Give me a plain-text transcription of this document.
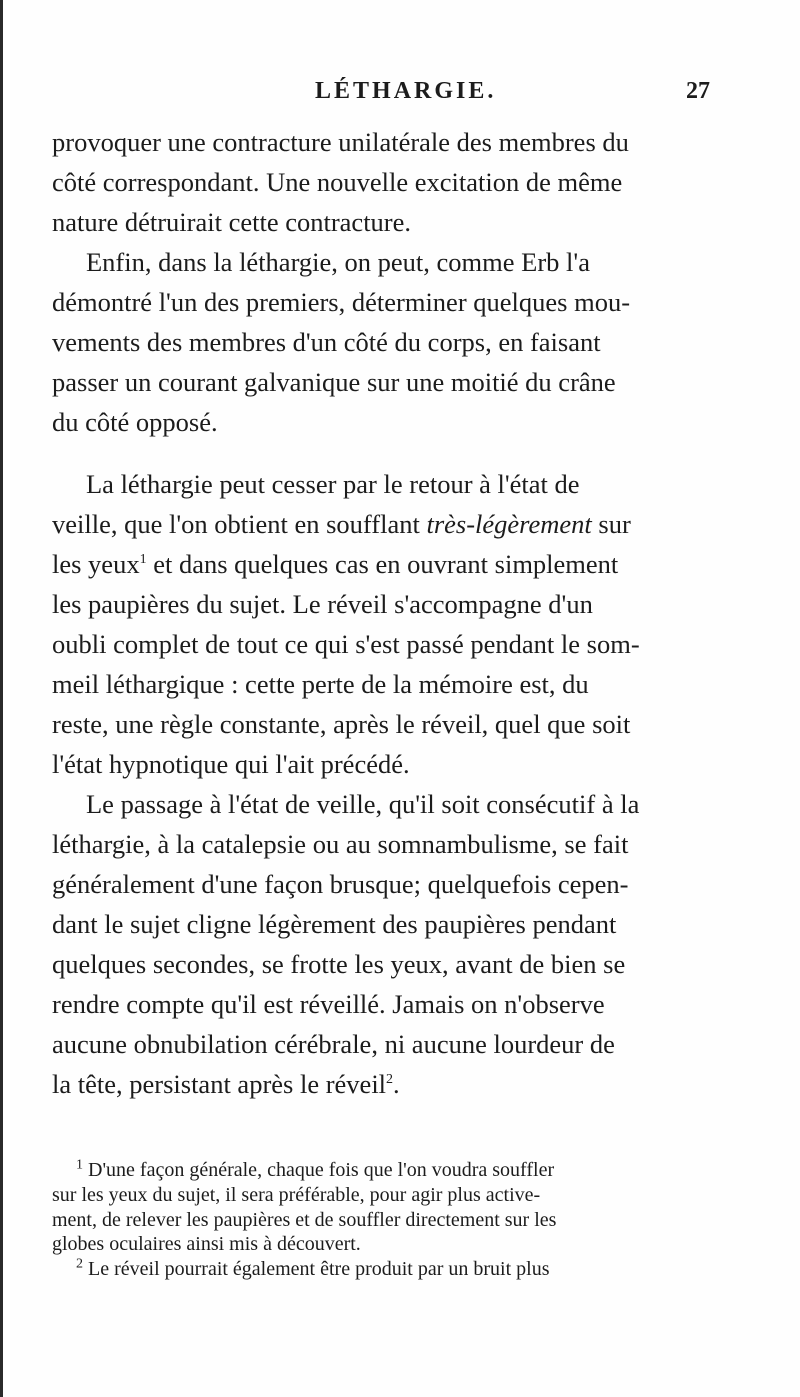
LÉTHARGIE.	27
provoquer une contracture unilatérale des membres du
côté correspondant. Une nouvelle excitation de même
nature détruirait cette contracture.
Enfin, dans la léthargie, on peut, comme Erb l'a
démontré l'un des premiers, déterminer quelques mou-
vements des membres d'un côté du corps, en faisant
passer un courant galvanique sur une moitié du crâne
du côté opposé.
La léthargie peut cesser par le retour à l'état de
veille, que l'on obtient en soufflant très-légèrement sur
les yeux$^1$ et dans quelques cas en ouvrant simplement
les paupières du sujet. Le réveil s'accompagne d'un
oubli complet de tout ce qui s'est passé pendant le som-
meil léthargique : cette perte de la mémoire est, du
reste, une règle constante, après le réveil, quel que soit
l'état hypnotique qui l'ait précédé.
Le passage à l'état de veille, qu'il soit consécutif à la
léthargie, à la catalepsie ou au somnambulisme, se fait
généralement d'une façon brusque; quelquefois cepen-
dant le sujet cligne légèrement des paupières pendant
quelques secondes, se frotte les yeux, avant de bien se
rendre compte qu'il est réveillé. Jamais on n'observe
aucune obnubilation cérébrale, ni aucune lourdeur de
la tête, persistant après le réveil$^2$.
$^1$ D'une façon générale, chaque fois que l'on voudra souffler
sur les yeux du sujet, il sera préférable, pour agir plus active-
ment, de relever les paupières et de souffler directement sur les
globes oculaires ainsi mis à découvert.
$^2$ Le réveil pourrait également être produit par un bruit plus
